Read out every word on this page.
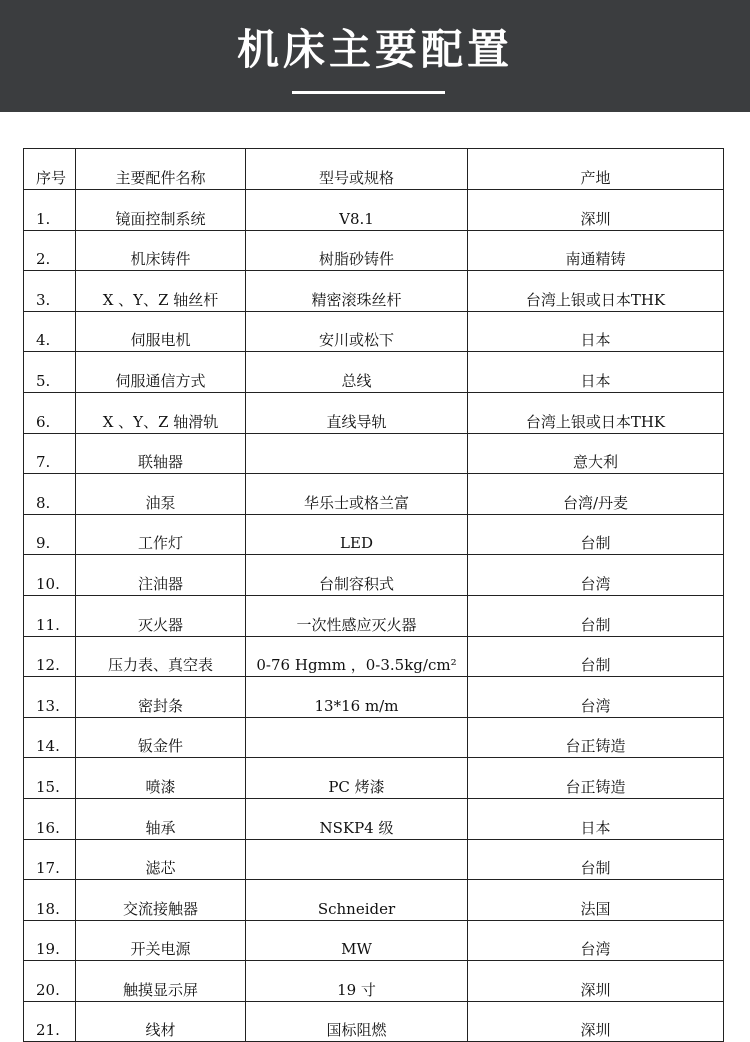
机床主要配置
序号	主要配件名称	型号或规格	产地
1.	镜面控制系统	V8.1	深圳
2.	机床铸件	树脂砂铸件	南通精铸
3.	X 、Y、Z 轴丝杆	精密滚珠丝杆	台湾上银或日本THK
4.	伺服电机	安川或松下	日本
5.	伺服通信方式	总线	日本
6.	X 、Y、Z 轴滑轨	直线导轨	台湾上银或日本THK
7.	联轴器		意大利
8.	油泵	华乐士或格兰富	台湾/丹麦
9.	工作灯	LED	台制
10.	注油器	台制容积式	台湾
11.	灭火器	一次性感应灭火器	台制
12.	压力表、真空表	0-76 Hgmm ，0-3.5kg/cm²	台制
13.	密封条	13*16 m/m	台湾
14.	钣金件		台正铸造
15.	喷漆	PC 烤漆	台正铸造
16.	轴承	NSKP4 级	日本
17.	滤芯		台制
18.	交流接触器	Schneider	法国
19.	开关电源	MW	台湾
20.	触摸显示屏	19 寸	深圳
21.	线材	国标阻燃	深圳
